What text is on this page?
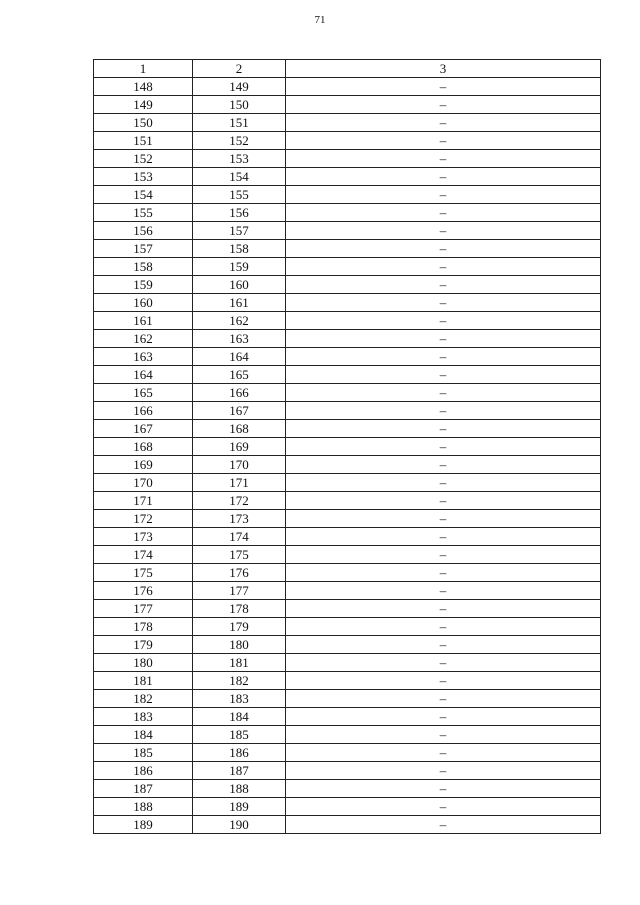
71
1	2	3
148	149	–
149	150	–
150	151	–
151	152	–
152	153	–
153	154	–
154	155	–
155	156	–
156	157	–
157	158	–
158	159	–
159	160	–
160	161	–
161	162	–
162	163	–
163	164	–
164	165	–
165	166	–
166	167	–
167	168	–
168	169	–
169	170	–
170	171	–
171	172	–
172	173	–
173	174	–
174	175	–
175	176	–
176	177	–
177	178	–
178	179	–
179	180	–
180	181	–
181	182	–
182	183	–
183	184	–
184	185	–
185	186	–
186	187	–
187	188	–
188	189	–
189	190	–
